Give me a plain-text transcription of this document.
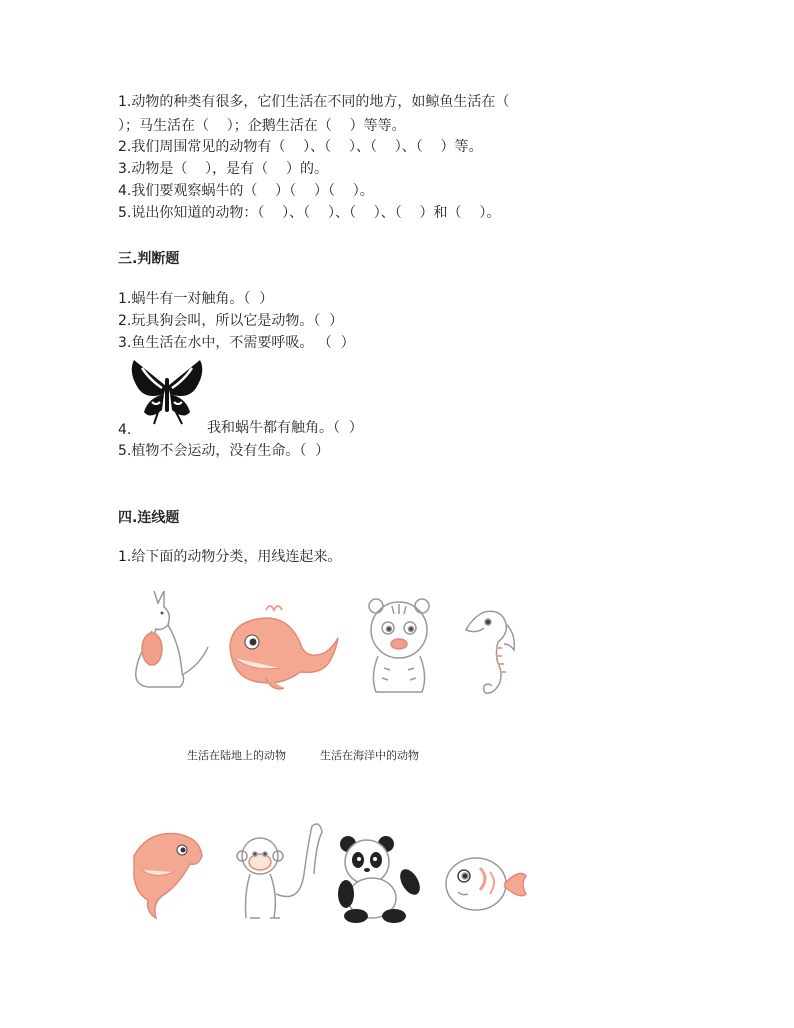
1.动物的种类有很多，它们生活在不同的地方，如鲸鱼生活在（
）；马生活在（    ）；企鹅生活在（    ）等等。
2.我们周围常见的动物有（    ）、（    ）、（    ）、（    ）等。
3.动物是（    ），是有（    ）的。
4.我们要观察蜗牛的（    ）（    ）（    ）。
5.说出你知道的动物：（    ）、（    ）、（    ）、（    ）和（    ）。
三.判断题
1.蜗牛有一对触角。（  ）
2.玩具狗会叫，所以它是动物。（  ）
3.鱼生活在水中，不需要呼吸。 （  ）
4.	我和蜗牛都有触角。（  ）
5.植物不会运动，没有生命。（  ）
四.连线题
1.给下面的动物分类，用线连起来。
生活在陆地上的动物	生活在海洋中的动物
